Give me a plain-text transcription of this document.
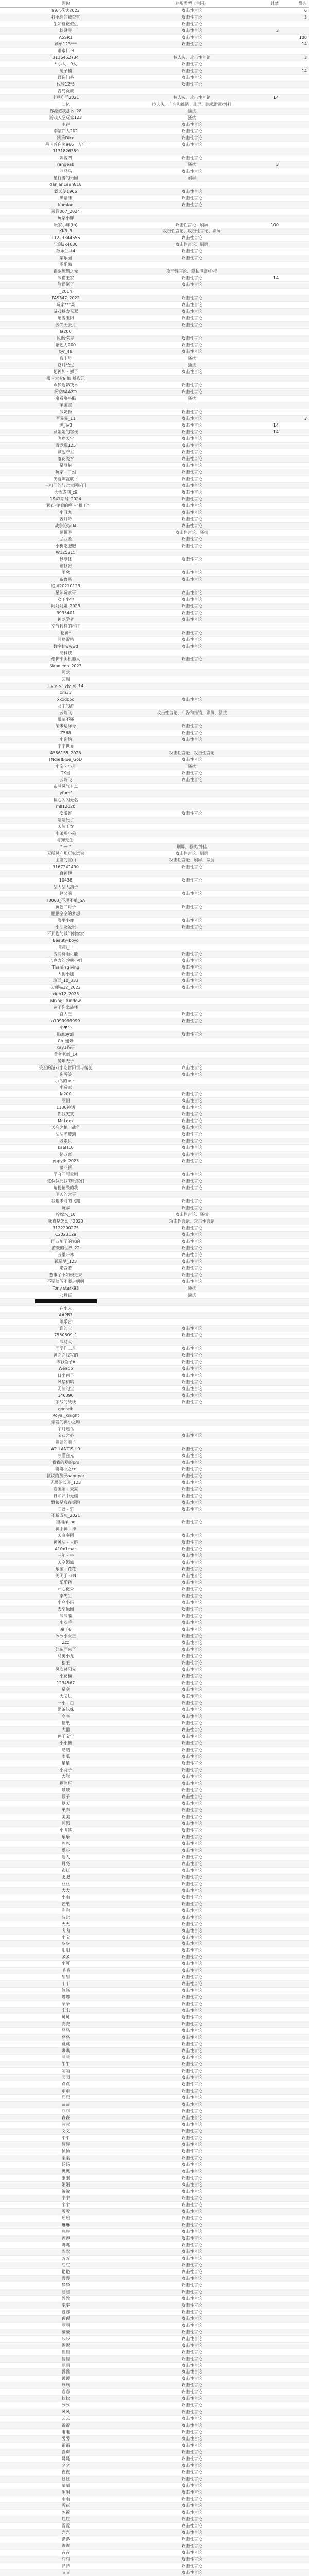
昵称	违规类型（主因）	封禁	警告
99乙花式2023	攻击性言论		6
打不绳的被查堂	攻击性言论		3
生如夏花似烂	攻击性言论		
秋叠零	攻击性言论	3	
A5SR1	攻击性言论		100
刷单123***	攻击性言论		14
萧水仁 9			
3116452734	拉人头、攻击性言论		3
* 小人 - 9人	攻击性言论		
兔子楠	攻击性言论		14
野狗仙茶	攻击性言论		
代号12*5	攻击性言论		
青鸟贡成			
土豆吃洋2021	拉人头、攻击性言论	14	
旧忆	拉人头、广告和推销、刷屏、隐私泄露/外挂		
你源道我那么_28	骚扰		
游戏天堂玩家123	骚扰		
李存	攻击性言论		
李家四人202	攻击性言论		
凯乐Dice	攻击性言论		
一丹卡普白家966一方年一	攻击性言论		
3131826359			
刺客四	攻击性言论		
rangeab	骚扰	3	
老马马	攻击性言论		
星行者的乐园	刷屏		
danjan1aan818			
霸天使1966	攻击性言论		
黑紫沫	攻击性言论		
Kumlao	攻击性言论		
远猴007_2024			
玩家小胖			
玩家小胖(to)	攻击性言论、刷屏	100	
KK3_3	攻击性言论、攻击性言论、刷屏		
11223344656	攻击性言论		
宝剑3x4030	攻击性言论、刷屏		
散乐兰马4	攻击性言论		
某乐园	攻击性言论		
零乐翁			
锦绣琉璃之光	攻击性言论、隐私泄露/外挂		
熊猫王家	攻击性言论	14	
熊猫佬了	攻击性言论		
_2014			
PAS347_2022	攻击性言论		
玩家***某	攻击性言论		
游戏魅力无双	攻击性言论		
晴雪玉阳	攻击性言论		
云尚无云月	攻击性言论		
la200			
风飘·荣萌	攻击性言论		
紫色力200	攻击性言论		
tyr_48	攻击性言论		
我十号	骚扰		
苍月经过	骚扰		
超神加 - 狮子	攻击性言论		
攫 - 大专9 加 魅彩元			
＊梦逝彩钱＊	攻击性言论		
玩家BAAZTr	攻击性言论		
咯看咯咯酷	骚扰		
羊宝宝			
熊奶粉	攻击性言论		
晋界界_11	攻击性言论		3
旭JJiv3	攻击性言论	14	
顾姐姐的客栈	攻击性言论	14	
飞鸟天堂	攻击性言论		
青龙翼125	攻击性言论		
城池守卫	攻击性言论		
落花流水	攻击性言论		
星辰魅	攻击性言论		
玩家 - 二姐	攻击性言论		
笑看陈就耽下	攻击性言论		
三打门的与此大阿呀门	攻击性言论		
大酒或期_zii	攻击性言论		
1941期号_2024	攻击性言论		
一颗石·你看的啊～“推王”	攻击性言论		
小丑九	攻击性言论		
苦月吟	攻击性言论		
战争论坛04	攻击性言论		
顺悦游	攻击性言论、骚扰		
弘西坠	攻击性言论		
小狗吃肥肥	攻击性言论		
W125215			
畅享休	攻击性言论		
布衫谷			
雨窝	攻击性言论		
布鲁基	攻击性言论		
追风20210123			
星际玩家哥	攻击性言论		
女王小学	攻击性言论		
阿阿阿姐_2023	攻击性言论		
3935401	攻击性言论		
神龙学者	攻击性言论		
空气转移的村庄			
精神*	攻击性言论		
蓝鸟雷鸣	攻击性言论		
数字甘wwwd	攻击性言论		
高科技			
恐怖平衡机器人	攻击性言论		
Napoleon_2023			
阿龙			
云端			
j_yjy_yj_yjy_yj_14			
xm33			
xxxdcoo	攻击性言论		
龙宇的游			
云端飞	攻击性言论、广告和推销、刷屏、骚扰		
微晴不骚			
纳米巡洋号	攻击性言论		
Z568	攻击性言论		
小狗纳	攻击性言论		
宁宁世界			
4556155_2023	攻击性言论、攻击性言论		
[Ndje]Blue_GoD	攻击性言论		
小宝 - 小月	骚扰		
TK当	攻击性言论		
云端飞	攻击性言论		
布兰风气有点			
yfumf			
翻心闪闪无名			
mll12020			
安徽省	攻击性言论		
哈哈死了			
天陵玉女			
小弟啦小弟			
与狗先生:			
* — *	刷屏、骚扰/外挂		
无所忌守那玩家试说	攻击性言论、刷屏		
主席的宝山	攻击性言论、刷屏、威胁		
3167241490	攻击性言论		
真神伊			
10438	攻击性言论		
刮大刮大刮子			
赵又前	攻击性言论		
T8003_不理不单_SA			
黄色二哥子	攻击性言论		
鹏鹏空空的梦想			
海平小鹿	攻击性言论		
小朋友爱玩	攻击性言论		
不拥抱的城门刺客家			
Beauty-boyo			
嗡嗡_lll			
流涌诗雨可能	攻击性言论		
巧克力的砂糖小姐	攻击性言论		
Thanksgiving	攻击性言论		
大腿小腿	攻击性言论		
琼页_10_333	攻击性言论		
天师猫12_2023	攻击性言论		
xiuh12_2023			
Mixagl_Rindow			
迷了你家族楼			
宫大王	攻击性言论		
a1999999999	攻击性言论		
小♥小			
lianbyoil	攻击性言论		
Ch_姗姗			
Kay1猫哥			
黄者老僧_14			
晨年天子			
笑卫的游戏小吃智阳恒与傻驼	攻击性言论		
狗雪笑	攻击性言论		
小鸟的 e ～			
小玩家			
la200	攻击性言论		
丽朝	攻击性言论		
1130神话	攻击性言论		
你我笑笑	攻击性言论		
Mr.Look	攻击性言论		
天启之梢一战争	攻击性言论		
法法老玻璃	攻击性言论		
段素贝	攻击性言论		
kaeH10	攻击性言论		
亿万富	攻击性言论		
pppyjk_2023	攻击性言论		
薇菲新			
学府门河晕剧	攻击性言论		
这伙伙比我的玩家们	攻击性言论		
龟粉情缘的我	攻击性言论		
明天的大哥			
我也未能的飞翔	攻击性言论		
坑爹	攻击性言论		
柠檬水_10	攻击性言论、骚扰		
我真是怎么了2023	攻击性言论、攻击性言论		
3122200275	攻击性言论		
C202312a	攻击性言论		
同四川子的家的	攻击性言论		
游戏的世界_22	攻击性言论		
五里叶林	攻击性言论		
孤星梦_123	攻击性言论		
诺言若	攻击性言论		
惹事了不如慢走来	攻击性言论		
不要脸闯不要走啊啊	攻击性言论		
Tony stark93	骚扰		
北野宫	骚扰		

在小人			
AAPB3			
闹乐合			
谁的宝	攻击性言论		
7550809_1	攻击性言论		
熊马人			
同学们二月	攻击性言论		
神之之我写的	攻击性言论		
华彩鱼子A	攻击性言论		
Weirdo	攻击性言论		
日出鸭子	攻击性言论		
风华和鸣	攻击性言论		
无法的宝	攻击性言论		
146390	攻击性言论		
荣战的战线	攻击性言论		
godsdb			
Royal_Knight			
亲爱的神小之吻			
荣月迷鸟			
宝石之心	攻击性言论		
逍遥的浪子			
ATLLANTIS_L9	攻击性言论		
凉灌白光	攻击性言论		
我我的爱的pro	攻击性言论		
猫猫小之ce	攻击性言论		
抗议的孩子aapuper	攻击性言论		
无畏的长矛_123	攻击性言论		
春宝闹 - 天亮	攻击性言论		
日印归中无疆	攻击性言论		
野狼是我在等跑	攻击性言论		
旧遗 - 雅	攻击性言论		
不断成功_2021			
狗狗洋_oo	攻击性言论		
神中神 - 神			
天庭奏团	攻击性言论		
神风法 - 大蟒	攻击性言论		
A10x1mac	攻击性言论		
三年 - 牛	攻击性言论		
天空领域	攻击性言论		
乐宝 - 花花	攻击性言论		
关闭了BEN	攻击性言论		
乐乐猪	攻击性言论		
开心花朵	攻击性言论		
李先生	攻击性言论		
小乌小吗	攻击性言论		
天空乐园	攻击性言论		
熊熊熊	攻击性言论		
小欢手	攻击性言论		
魔王6	攻击性言论		
冰冰小女王	攻击性言论		
Zzz	攻击性言论		
好东西来了	攻击性言论		
马奥小龙	攻击性言论		
狼王	攻击性言论		
风吹过阳光	攻击性言论		
小花猫	攻击性言论		
1234567	攻击性言论		
星空	攻击性言论		
大宝贝	攻击性言论		
一小 - 白	攻击性言论		
奶茶妹妹	攻击性言论		
高冷	攻击性言论		
糖果	攻击性言论		
大鹏	攻击性言论		
鸭子宝宝	攻击性言论		
小小糖	攻击性言论		
酷酷	攻击性言论		
南瓜	攻击性言论		
星星	攻击性言论		
小丸子	攻击性言论		
大熊	攻击性言论		
糊涂蛋	攻击性言论		
啵啵	攻击性言论		
猴子	攻击性言论		
夏天	攻击性言论		
果冻	攻击性言论		
美美	攻击性言论		
阿强	攻击性言论		
小飞侠	攻击性言论		
乐乐	攻击性言论		
咪咪	攻击性言论		
爱莎	攻击性言论		
超人	攻击性言论		
月亮	攻击性言论		
彩虹	攻击性言论		
肥肥	攻击性言论		
豆豆	攻击性言论		
大大	攻击性言论		
小雨	攻击性言论		
芒果	攻击性言论		
泡泡	攻击性言论		
波比	攻击性言论		
火火	攻击性言论		
肉肉	攻击性言论		
小宝	攻击性言论		
冬冬	攻击性言论		
阳阳	攻击性言论		
多多	攻击性言论		
小可	攻击性言论		
毛毛	攻击性言论		
甜甜	攻击性言论		
丁丁	攻击性言论		
悠悠	攻击性言论		
嘟嘟	攻击性言论		
朵朵	攻击性言论		
米米	攻击性言论		
贝贝	攻击性言论		
安安	攻击性言论		
晶晶	攻击性言论		
亮亮	攻击性言论		
跳跳	攻击性言论		
琪琪	攻击性言论		
兰兰	攻击性言论		
牛牛	攻击性言论		
萌萌	攻击性言论		
园园	攻击性言论		
点点	攻击性言论		
乖乖	攻击性言论		
熙熙	攻击性言论		
苗苗	攻击性言论		
菲菲	攻击性言论		
森森	攻击性言论		
蓝蓝	攻击性言论		
文文	攻击性言论		
平平	攻击性言论		
辉辉	攻击性言论		
顺顺	攻击性言论		
柔柔	攻击性言论		
畅畅	攻击性言论		
思思	攻击性言论		
康康	攻击性言论		
娟娟	攻击性言论		
敏敏	攻击性言论		
宁宁	攻击性言论		
宇宇	攻击性言论		
雪雪	攻击性言论		
瑶瑶	攻击性言论		
琳琳	攻击性言论		
玲玲	攻击性言论		
婷婷	攻击性言论		
鸣鸣	攻击性言论		
欣欣	攻击性言论		
芳芳	攻击性言论		
红红	攻击性言论		
艳艳	攻击性言论		
霞霞	攻击性言论		
静静	攻击性言论		
洁洁	攻击性言论		
盈盈	攻击性言论		
雯雯	攻击性言论		
娜娜	攻击性言论		
颖颖	攻击性言论		
丽丽	攻击性言论		
薇薇	攻击性言论		
莎莎	攻击性言论		
妮妮	攻击性言论		
佳佳	攻击性言论		
倩倩	攻击性言论		
珊珊	攻击性言论		
露露	攻击性言论		
媛媛	攻击性言论		
燕燕	攻击性言论		
春春	攻击性言论		
秋秋	攻击性言论		
冰冰	攻击性言论		
风风	攻击性言论		
云云	攻击性言论		
雷雷	攻击性言论		
电电	攻击性言论		
雾雾	攻击性言论		
霜霜	攻击性言论		
露珠	攻击性言论		
晨晨	攻击性言论		
夕夕	攻击性言论		
夜夜	攻击性言论		
昼昼	攻击性言论		
晴晴	攻击性言论		
阴阴	攻击性言论		
雨雨	攻击性言论		
雪花	攻击性言论		
冰雹	攻击性言论		
虹虹	攻击性言论		
霓霓	攻击性言论		
光光	攻击性言论		
影影	攻击性言论		
声声	攻击性言论		
音音	攻击性言论		
韵韵	攻击性言论		
律律	攻击性言论		
节节	攻击性言论		
